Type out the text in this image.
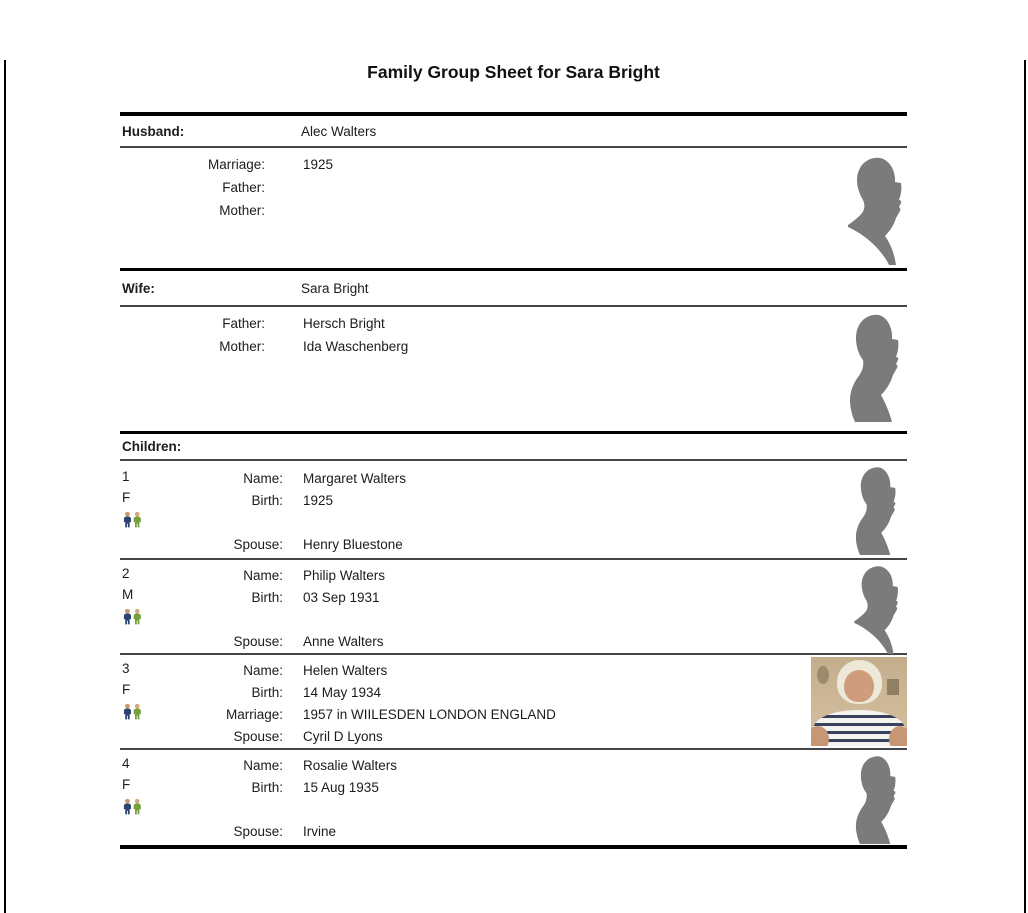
Family Group Sheet for Sara Bright
Husband:	Alec Walters
Marriage:	1925
Father:
Mother:
Wife:	Sara Bright
Father:	Hersch Bright
Mother:	Ida Waschenberg
Children:
1
F
Name: Margaret Walters
Birth: 1925
Spouse: Henry Bluestone
2
M
Name: Philip Walters
Birth: 03 Sep 1931
Spouse: Anne Walters
3
F
Name: Helen Walters
Birth: 14 May 1934
Marriage: 1957 in WIILESDEN LONDON ENGLAND
Spouse: Cyril D Lyons
4
F
Name: Rosalie Walters
Birth: 15 Aug 1935
Spouse: Irvine
